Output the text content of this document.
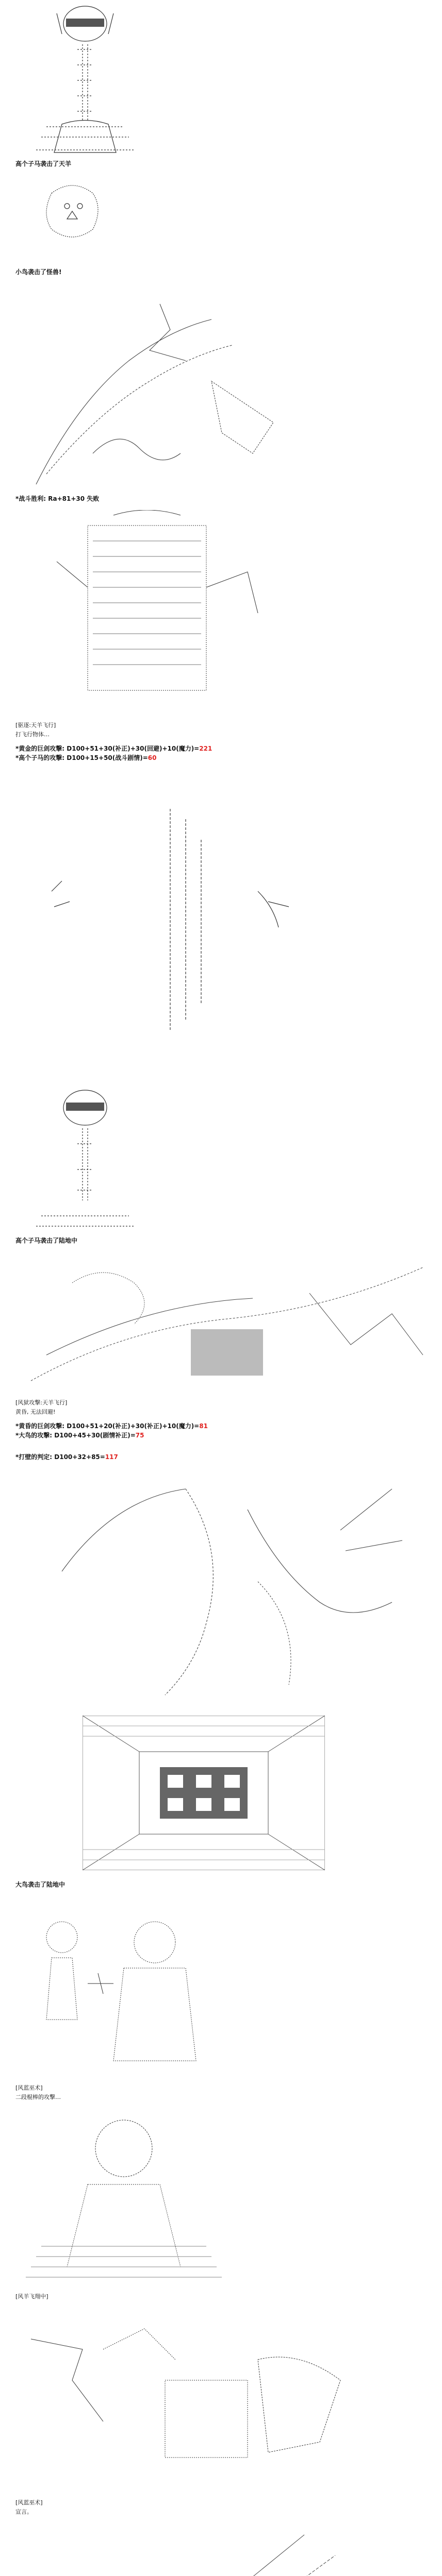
高个子马袭击了天羊
小鸟袭击了怪兽!
*战斗胜利: Ra+81+30 失败
[驱逐:天羊飞行]
打飞行物体…
*黄金的巨剑攻撃: D100+51+30(补正)+30(回避)+10(魔力)=221
*高个子马的攻撃: D100+15+50(战斗剧情)=60
高个子马袭击了陆地中
[风狱攻撃:天羊飞行]
黄昏, 无法回避!
*黄昏的巨剑攻撃: D100+51+20(补正)+30(补正)+10(魔力)=81
*大鸟的攻撃: D100+45+30(剧情补正)=75
*打壁的判定: D100+32+85=117
大鸟袭击了陆地中
[风蓝巫术]
二段棍棒的攻撃…
[风羊飞翔中]
[风蓝巫术]
宣言。
